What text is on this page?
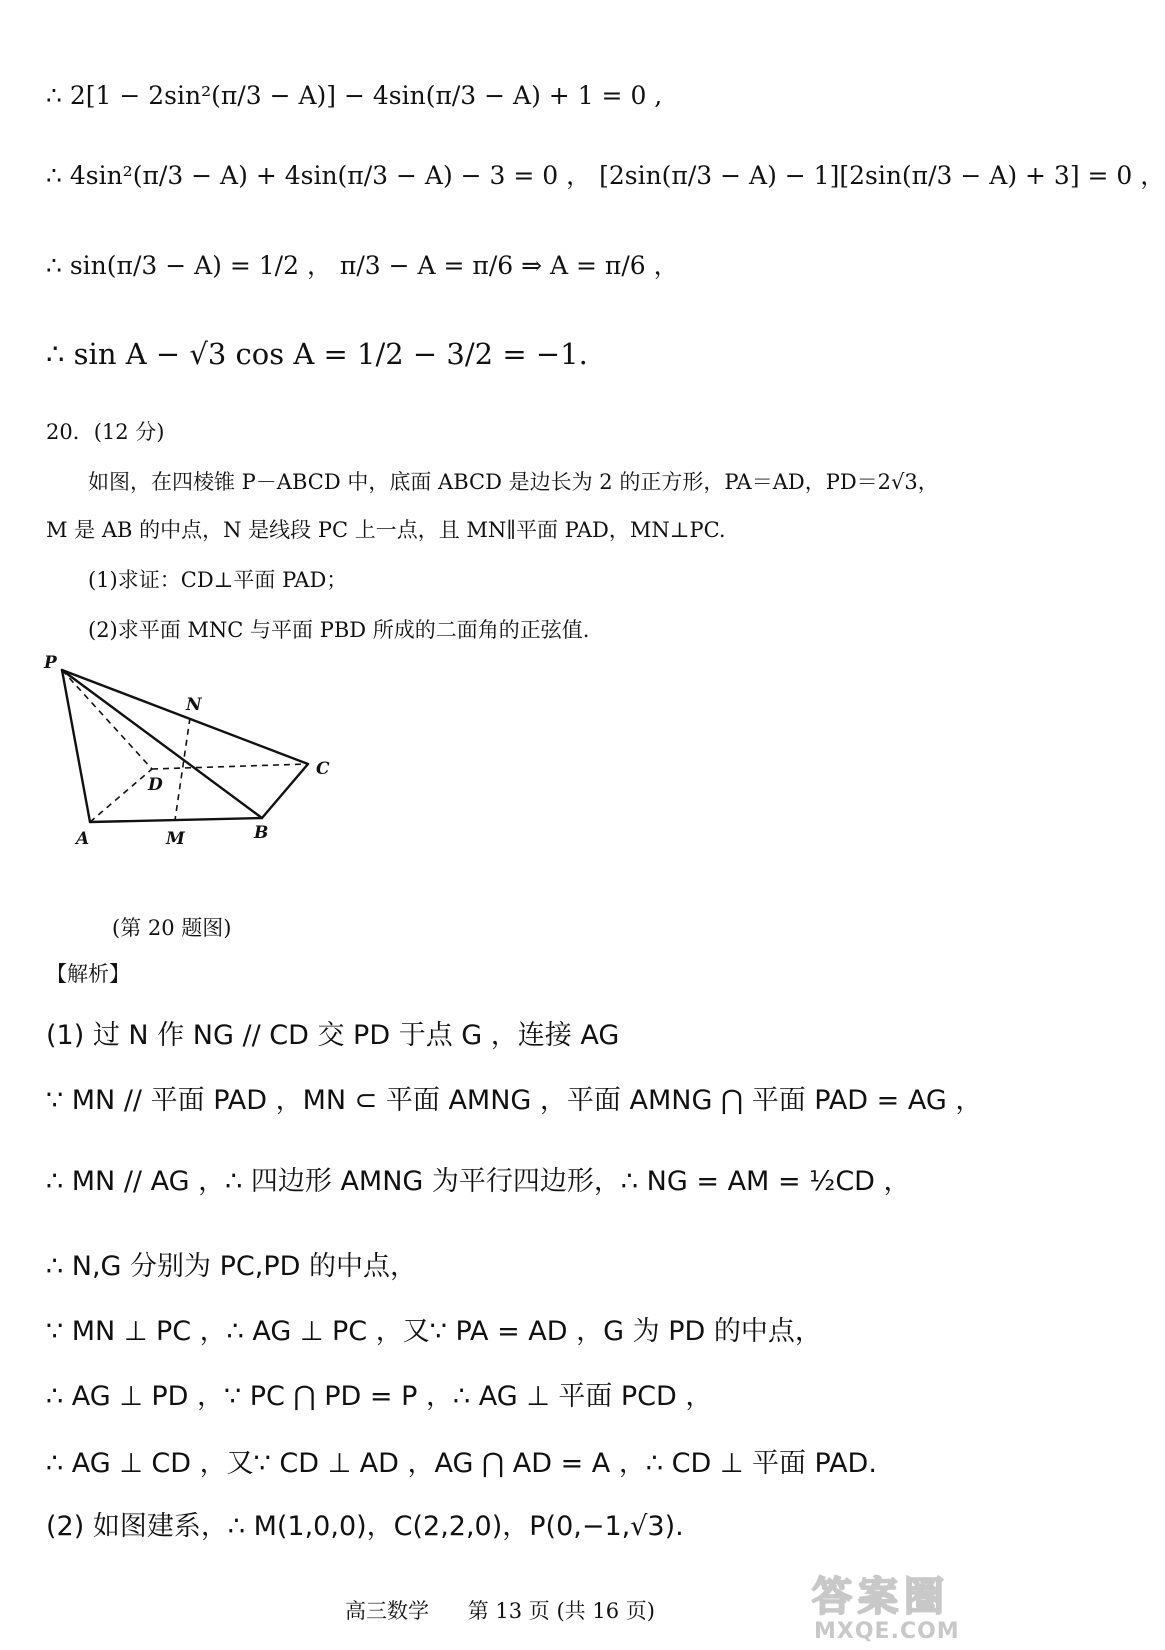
∴ 2[1 − 2sin²(π/3 − A)] − 4sin(π/3 − A) + 1 = 0 ,
∴ 4sin²(π/3 − A) + 4sin(π/3 − A) − 3 = 0 ， [2sin(π/3 − A) − 1][2sin(π/3 − A) + 3] = 0 ，
∴ sin(π/3 − A) = 1/2 ， π/3 − A = π/6 ⇒ A = π/6 ，
∴ sin A − √3 cos A = 1/2 − 3/2 = −1.
20．(12 分)
如图，在四棱锥 P－ABCD 中，底面 ABCD 是边长为 2 的正方形，PA＝AD，PD＝2√3，
M 是 AB 的中点，N 是线段 PC 上一点，且 MN∥平面 PAD，MN⊥PC.
(1)求证：CD⊥平面 PAD；
(2)求平面 MNC 与平面 PBD 所成的二面角的正弦值.
P
N
C
D
A	M	B
(第 20 题图)
【解析】
(1) 过 N 作 NG // CD 交 PD 于点 G ，连接 AG
∵ MN // 平面 PAD ，MN ⊂ 平面 AMNG ，平面 AMNG ⋂ 平面 PAD = AG ，
∴ MN // AG ，∴ 四边形 AMNG 为平行四边形，∴ NG = AM = ½CD ，
∴ N,G 分别为 PC,PD 的中点，
∵ MN ⊥ PC ，∴ AG ⊥ PC ，又∵ PA = AD ，G 为 PD 的中点，
∴ AG ⊥ PD ，∵ PC ⋂ PD = P ，∴ AG ⊥ 平面 PCD ，
∴ AG ⊥ CD ，又∵ CD ⊥ AD ，AG ⋂ AD = A ，∴ CD ⊥ 平面 PAD.
(2) 如图建系，∴ M(1,0,0)，C(2,2,0)，P(0,−1,√3).
高三数学 第 13 页 (共 16 页)	答案圈
MXQE.COM
